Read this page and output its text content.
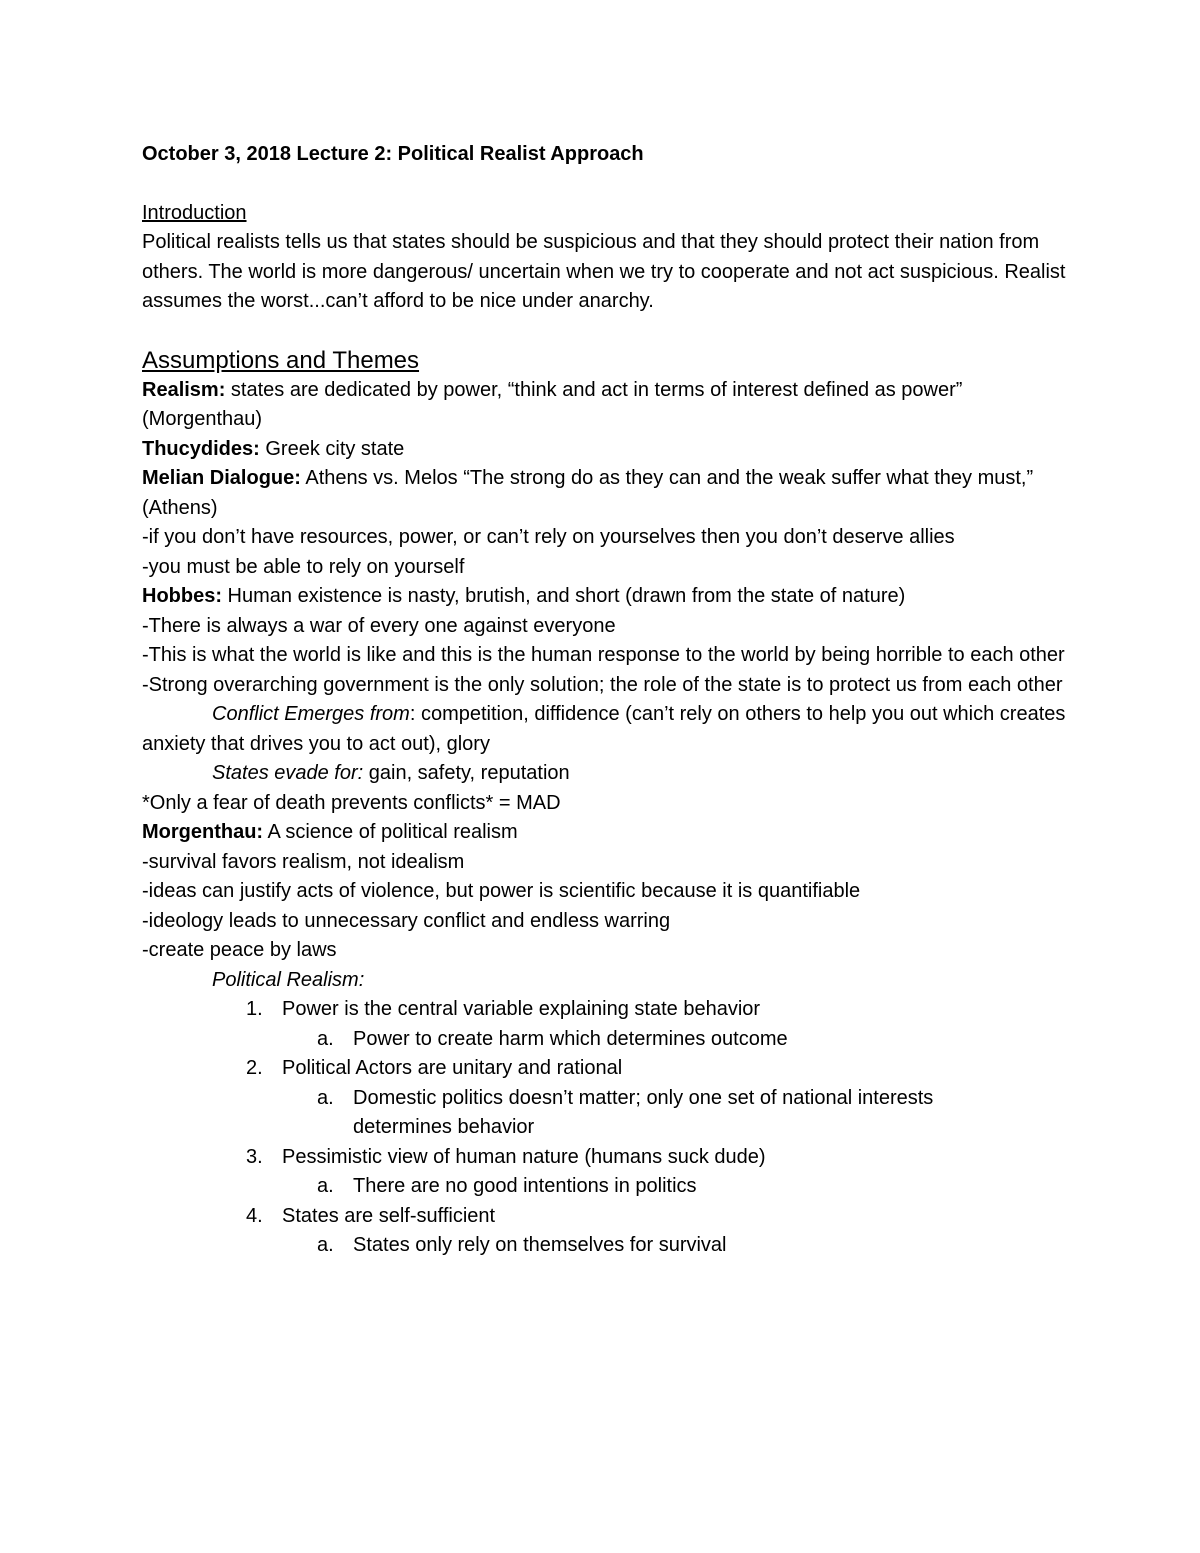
October 3, 2018 Lecture 2: Political Realist Approach

Introduction

Political realists tells us that states should be suspicious and that they should protect their nation from others. The world is more dangerous/ uncertain when we try to cooperate and not act suspicious. Realist assumes the worst...can’t afford to be nice under anarchy.

Assumptions and Themes

Realism: states are dedicated by power, “think and act in terms of interest defined as power” (Morgenthau)

Thucydides: Greek city state

Melian Dialogue: Athens vs. Melos “The strong do as they can and the weak suffer what they must,” (Athens)

-if you don’t have resources, power, or can’t rely on yourselves then you don’t deserve allies

-you must be able to rely on yourself

Hobbes: Human existence is nasty, brutish, and short (drawn from the state of nature)

-There is always a war of every one against everyone

-This is what the world is like and this is the human response to the world by being horrible to each other

-Strong overarching government is the only solution; the role of the state is to protect us from each other

Conflict Emerges from: competition, diffidence (can’t rely on others to help you out which creates anxiety that drives you to act out), glory

States evade for: gain, safety, reputation

*Only a fear of death prevents conflicts* = MAD

Morgenthau: A science of political realism

-survival favors realism, not idealism

-ideas can justify acts of violence, but power is scientific because it is quantifiable

-ideology leads to unnecessary conflict and endless warring

-create peace by laws

Political Realism:

1. Power is the central variable explaining state behavior

a. Power to create harm which determines outcome

2. Political Actors are unitary and rational

a. Domestic politics doesn’t matter; only one set of national interests determines behavior

3. Pessimistic view of human nature (humans suck dude)

a. There are no good intentions in politics

4. States are self-sufficient

a. States only rely on themselves for survival
